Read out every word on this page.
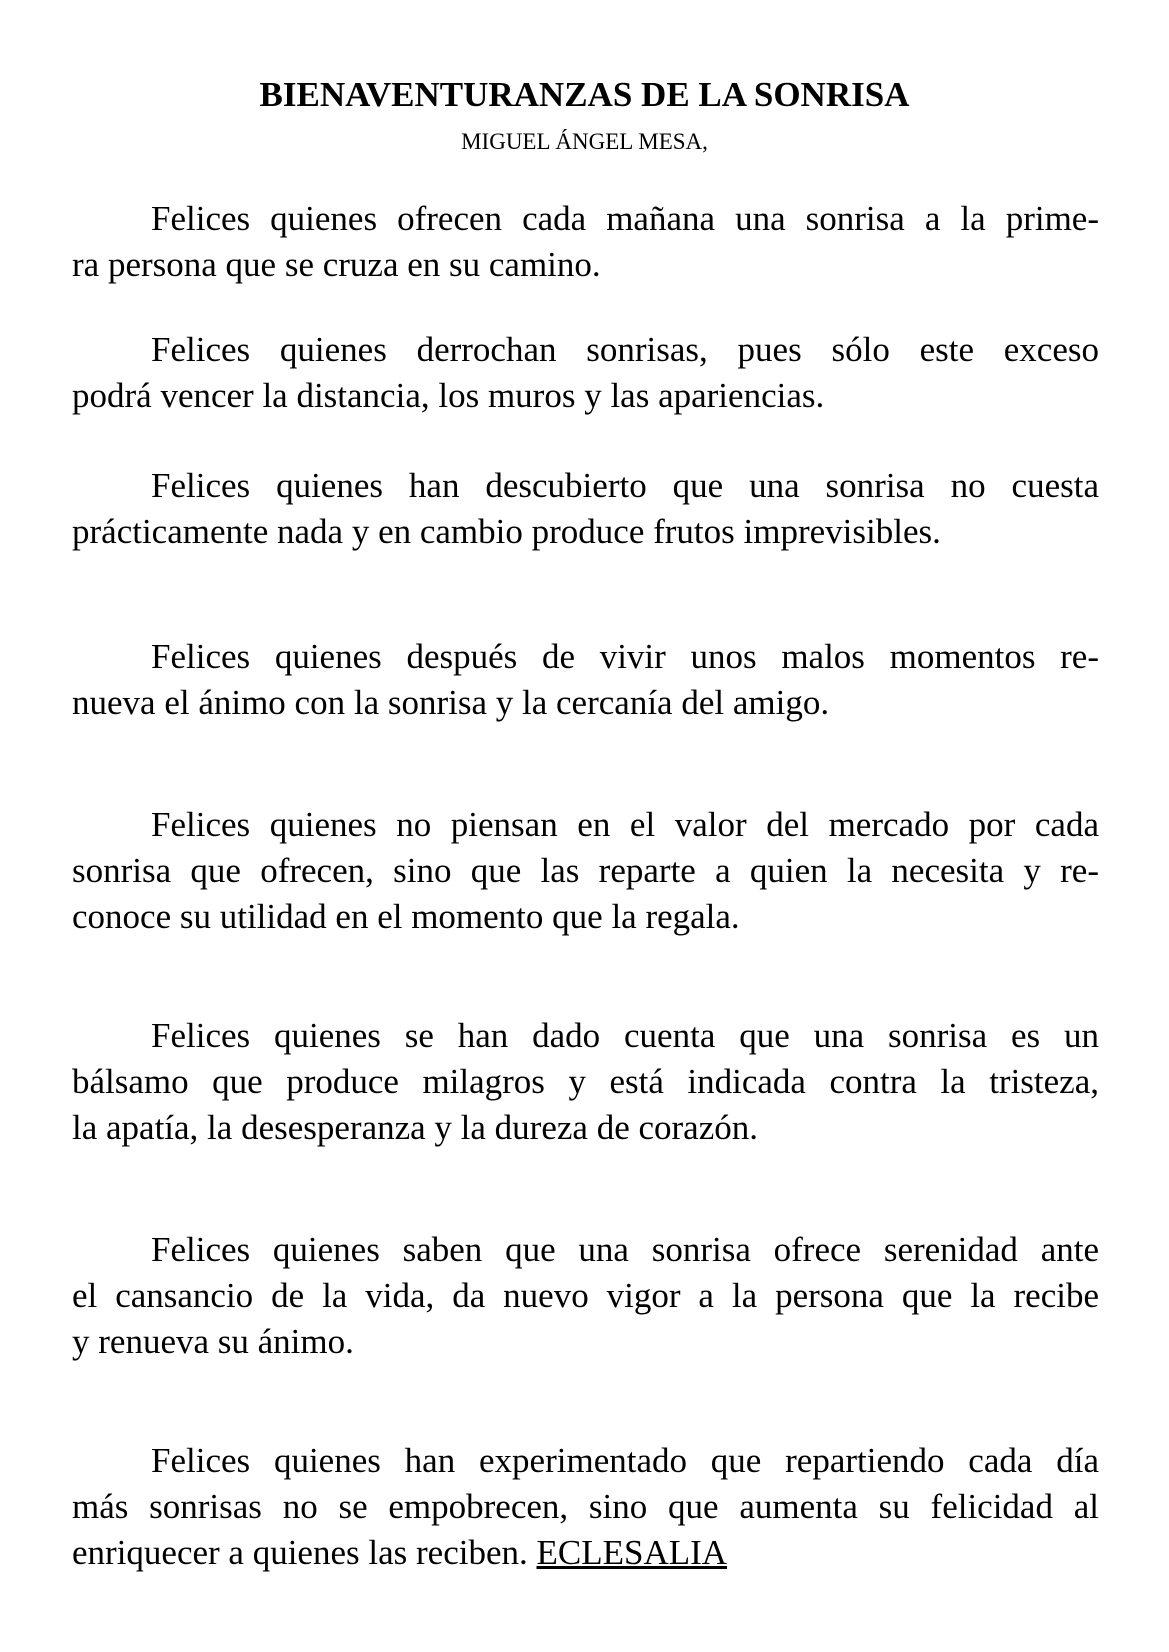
BIENAVENTURANZAS DE LA SONRISA
MIGUEL ÁNGEL MESA,
Felices quienes ofrecen cada mañana una sonrisa a la prime-
ra persona que se cruza en su camino.
Felices quienes derrochan sonrisas, pues sólo este exceso
podrá vencer la distancia, los muros y las apariencias.
Felices quienes han descubierto que una sonrisa no cuesta
prácticamente nada y en cambio produce frutos imprevisibles.
Felices quienes después de vivir unos malos momentos re-
nueva el ánimo con la sonrisa y la cercanía del amigo.
Felices quienes no piensan en el valor del mercado por cada
sonrisa que ofrecen, sino que las reparte a quien la necesita y re-
conoce su utilidad en el momento que la regala.
Felices quienes se han dado cuenta que una sonrisa es un
bálsamo que produce milagros y está indicada contra la tristeza,
la apatía, la desesperanza y la dureza de corazón.
Felices quienes saben que una sonrisa ofrece serenidad ante
el cansancio de la vida, da nuevo vigor a la persona que la recibe
y renueva su ánimo.
Felices quienes han experimentado que repartiendo cada día
más sonrisas no se empobrecen, sino que aumenta su felicidad al
enriquecer a quienes las reciben. ECLESALIA
